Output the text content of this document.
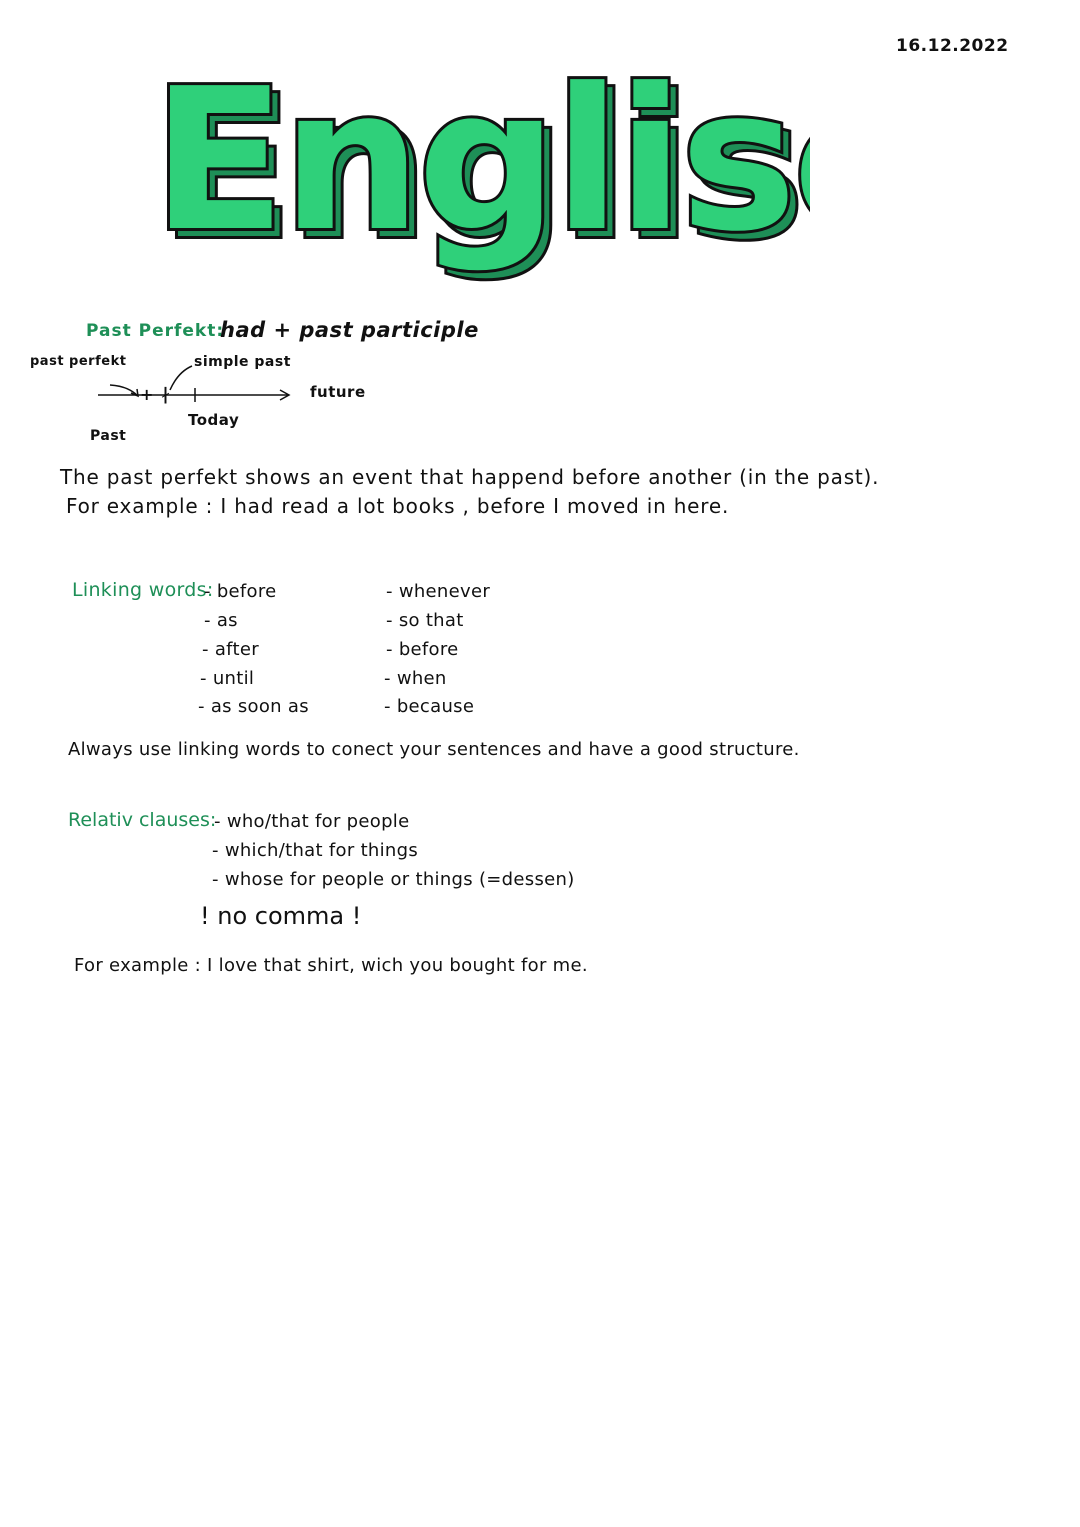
16.12.2022
Englis
Englis
Past Perfekt:
had + past participle
+ ∤
past perfekt	simple past
future
Today
Past
The past perfekt shows an event that happend before another (in the past).
For example : I had read a lot books , before I moved in here.
Linking words:
- before
- as
- after
- until
- as soon as
- whenever
- so that
- before
- when
- because
Always use linking words to conect your sentences and have a good structure.
Relativ clauses:
- who/that for people
- which/that for things
- whose for people or things (=dessen)
! no comma !
For example : I love that shirt, wich you bought for me.
